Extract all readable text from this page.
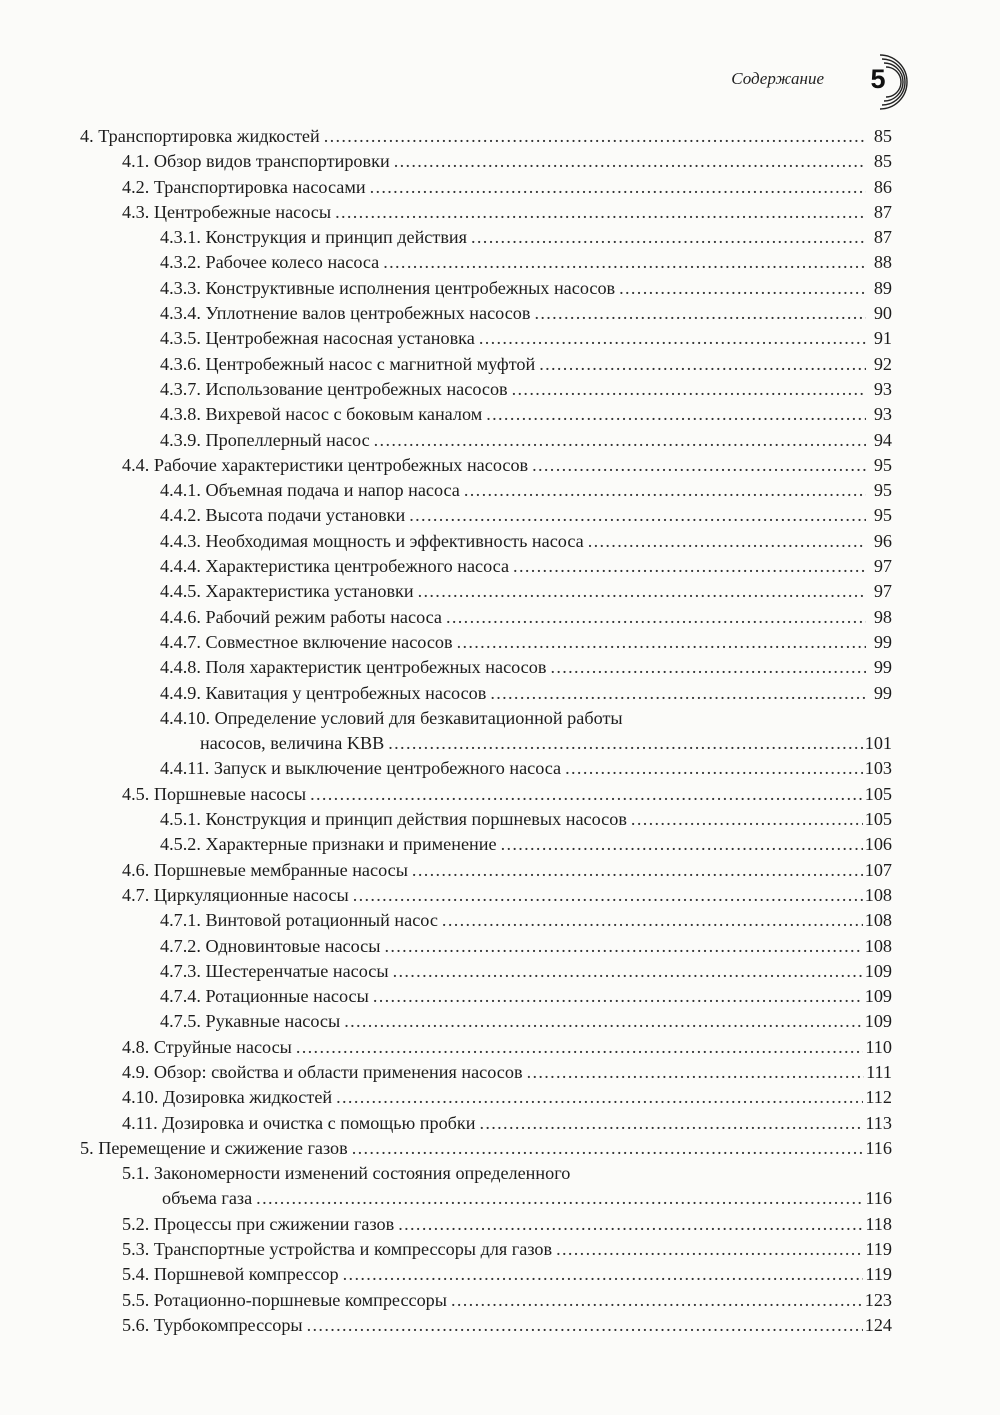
Содержание	5
4. Транспортировка жидкостей . . .	85
4.1. Обзор видов транспортировки . . .	85
4.2. Транспортировка насосами . . .	86
4.3. Центробежные насосы . . .	87
4.3.1. Конструкция и принцип действия . . .	87
4.3.2. Рабочее колесо насоса . . .	88
4.3.3. Конструктивные исполнения центробежных насосов . . .	89
4.3.4. Уплотнение валов центробежных насосов . . .	90
4.3.5. Центробежная насосная установка . . .	91
4.3.6. Центробежный насос с магнитной муфтой . . .	92
4.3.7. Использование центробежных насосов . . .	93
4.3.8. Вихревой насос с боковым каналом . . .	93
4.3.9. Пропеллерный насос . . .	94
4.4. Рабочие характеристики центробежных насосов . . .	95
4.4.1. Объемная подача и напор насоса . . .	95
4.4.2. Высота подачи установки . . .	95
4.4.3. Необходимая мощность и эффективность насоса . . .	96
4.4.4. Характеристика центробежного насоса . . .	97
4.4.5. Характеристика установки . . .	97
4.4.6. Рабочий режим работы насоса . . .	98
4.4.7. Совместное включение насосов . . .	99
4.4.8. Поля характеристик центробежных насосов . . .	99
4.4.9. Кавитация у центробежных насосов . . .	99
4.4.10. Определение условий для безкавитационной работы
насосов, величина KBB . . .	101
4.4.11. Запуск и выключение центробежного насоса . . .	103
4.5. Поршневые насосы . . .	105
4.5.1. Конструкция и принцип действия поршневых насосов . . .	105
4.5.2. Характерные признаки и применение . . .	106
4.6. Поршневые мембранные насосы . . .	107
4.7. Циркуляционные насосы . . .	108
4.7.1. Винтовой ротационный насос . . .	108
4.7.2. Одновинтовые насосы . . .	108
4.7.3. Шестеренчатые насосы . . .	109
4.7.4. Ротационные насосы . . .	109
4.7.5. Рукавные насосы . . .	109
4.8. Струйные насосы . . .	110
4.9. Обзор: свойства и области применения насосов . . .	111
4.10. Дозировка жидкостей . . .	112
4.11. Дозировка и очистка с помощью пробки . . .	113
5. Перемещение и сжижение газов . . .	116
5.1. Закономерности изменений состояния определенного
объема газа . . .	116
5.2. Процессы при сжижении газов . . .	118
5.3. Транспортные устройства и компрессоры для газов . . .	119
5.4. Поршневой компрессор . . .	119
5.5. Ротационно-поршневые компрессоры . . .	123
5.6. Турбокомпрессоры . . .	124
